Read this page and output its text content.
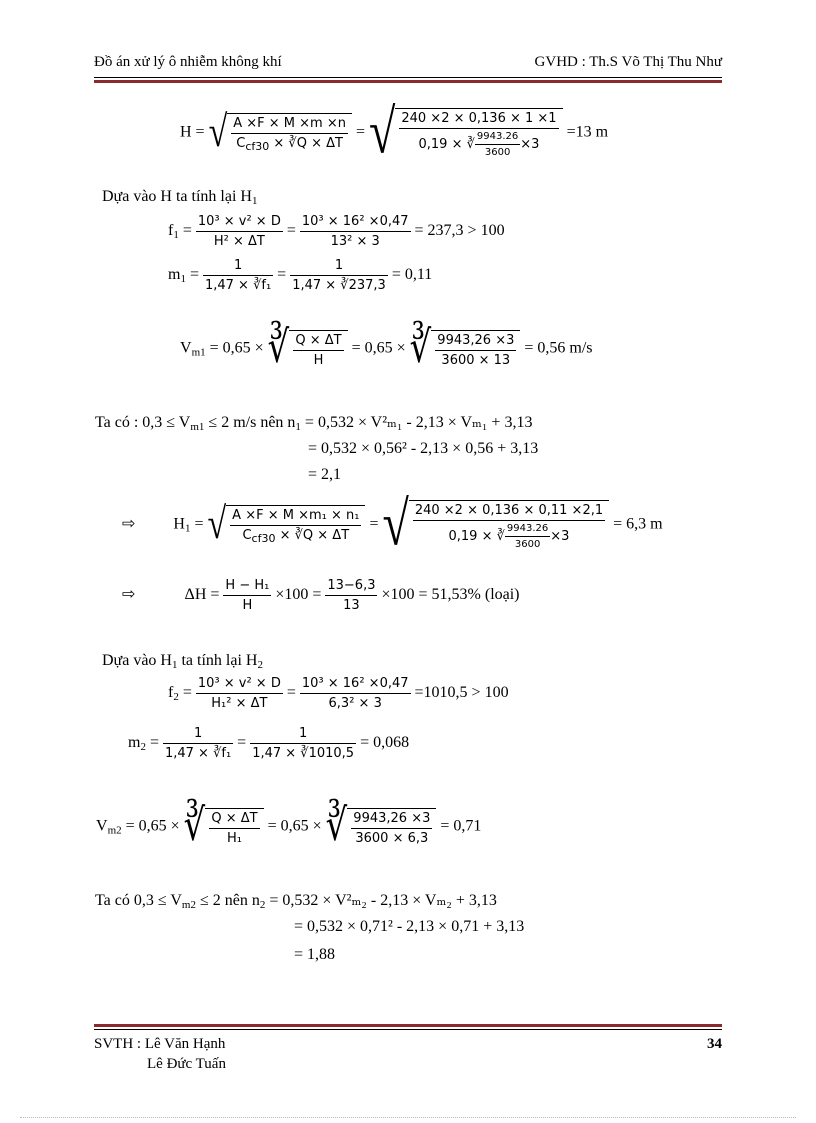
Đồ án xử lý ô nhiễm không khí	GVHD : Th.S Võ Thị Thu Như
H = √ $\frac{A \times F \times M \times m \times n}{C_{cf30} \times ∛Q \times \Delta T}$ = √ $\frac{240 \times 2 \times 0,136 \times 1 \times 1}{0,19 \times ∛ \frac{9943.26}{3600} \times 3} =13$ m
Dựa vào H ta tính lại $H_1$
$f_1 = \frac{\text{10³ × v² × D}}{\text{H² × ΔT}} = \frac{\text{10³ × 16² ×0,47}}{\text{13² × 3}} = 237,3 > 100$
$m_1 = \frac{1}{\text{1,47 × ∛f₁}} = \frac{1}{1,47 \times ∛237,3} = 0,11$
$V_{m1} = 0,65$ × ∛ $\frac{Q \times \Delta T}{H} = 0,65$ × ∛ $\frac{9943,26 \times 3}{3600 \times 13} = 0,56$ m/s
Ta có : $0,3 \le V_{m1} \le 2$ m/s nên $n_1 = 0,532 \times V^2_{m1} - 2,13 \times V_{m1} + 3,13$
= 0,532 × 0,56² - 2,13 × 0,56 + 3,13
= 2,1
⇨ $H_1$ = √ $\frac{\text{A ×F × M ×m₁ × n₁}}{C_{cf30} \times ∛Q \times \Delta T}$ = √ $\frac{240 \times 2 \times 0,136 \times 0,11 \times 2,1}{0,19 \times ∛ \frac{9943.26}{3600} \times 3} = 6,3$ m
⇨	$\Delta H = \frac{\text{H − H₁}}{H} \times 100 = \frac{13-6,3}{13} \times 100 = 51,53\%$ (loại)
Dựa vào $H_1$ ta tính lại $H_2$
$f_2 = \frac{\text{10³ × v² × D}}{\text{H₁² × ΔT}} = \frac{\text{10³ × 16² ×0,47}}{\text{6,3² × 3}} =1010,5 > 100$
$m_2 = \frac{1}{\text{1,47 × ∛f₁}} = \frac{1}{1,47 \times ∛1010,5} = 0,068$
$V_{m2} = 0,65$ × ∛ $\frac{Q \times \Delta T}{\text{H₁}} = 0,65$ × ∛ $\frac{9943,26 \times 3}{3600 \times 6,3} = 0,71$
Ta có $0,3 \le V_{m2} \le 2$ nên $n_2 = 0,532 \times V^2_{m2} - 2,13 \times V_{m2} + 3,13$
= 0,532 × 0,71² - 2,13 × 0,71 + 3,13
= 1,88
SVTH : Lê Văn Hạnh
Lê Đức Tuấn
34
